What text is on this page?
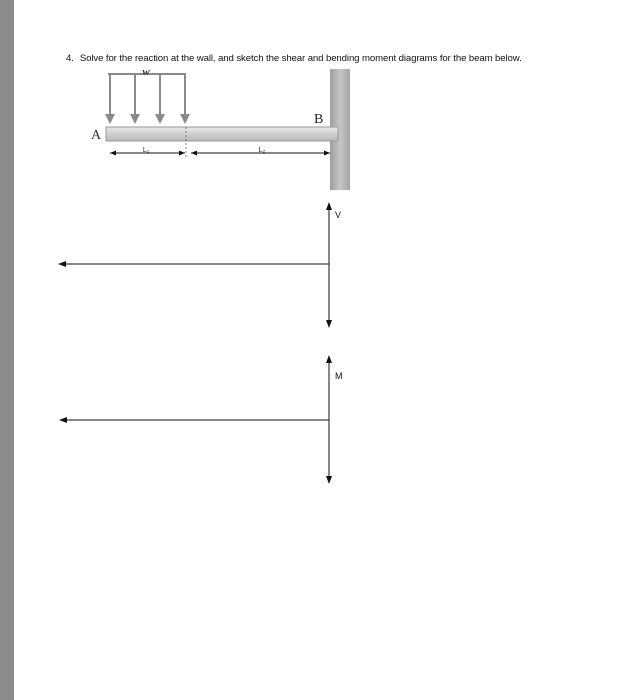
4. Solve for the reaction at the wall, and sketch the shear and bending moment diagrams for the beam below.
w
A
B
L₁	L₂
V
M
